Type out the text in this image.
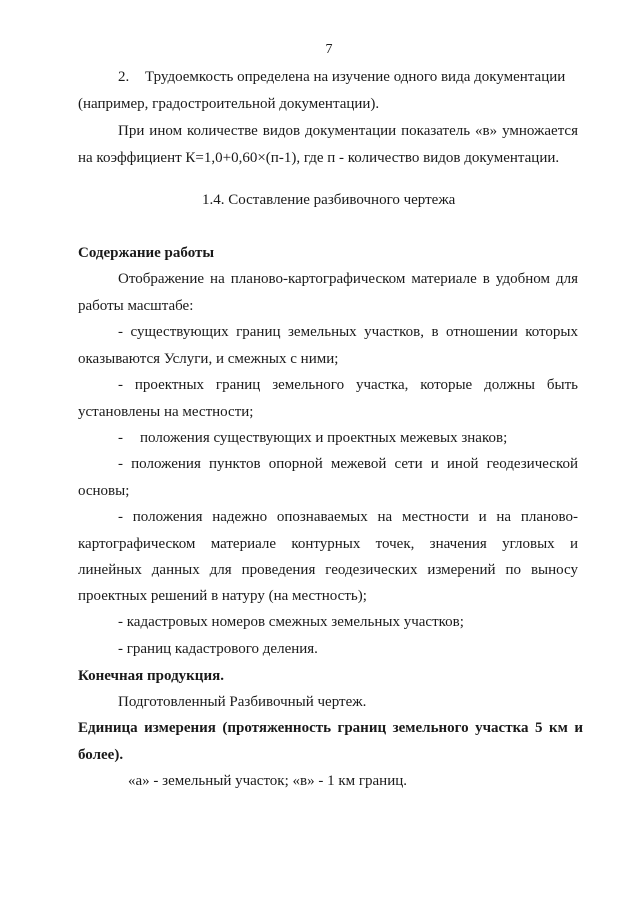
7
2. Трудоемкость определена на изучение одного вида документации
(например, градостроительной документации).
При ином количестве видов документации показатель «в» умножается
на коэффициент К=1,0+0,60×(п-1), где п - количество видов документации.
1.4. Составление разбивочного чертежа
Содержание работы
Отображение на планово-картографическом материале в удобном для
работы масштабе:
- существующих границ земельных участков, в отношении которых
оказываются Услуги, и смежных с ними;
- проектных границ земельного участка, которые должны быть
установлены на местности;
- положения существующих и проектных межевых знаков;
- положения пунктов опорной межевой сети и иной геодезической
основы;
- положения надежно опознаваемых на местности и на планово-
картографическом материале контурных точек, значения угловых и
линейных данных для проведения геодезических измерений по выносу
проектных решений в натуру (на местность);
- кадастровых номеров смежных земельных участков;
- границ кадастрового деления.
Конечная продукция.
Подготовленный Разбивочный чертеж.
Единица измерения (протяженность границ земельного участка 5 км и
более).
«а» - земельный участок; «в» - 1 км границ.
